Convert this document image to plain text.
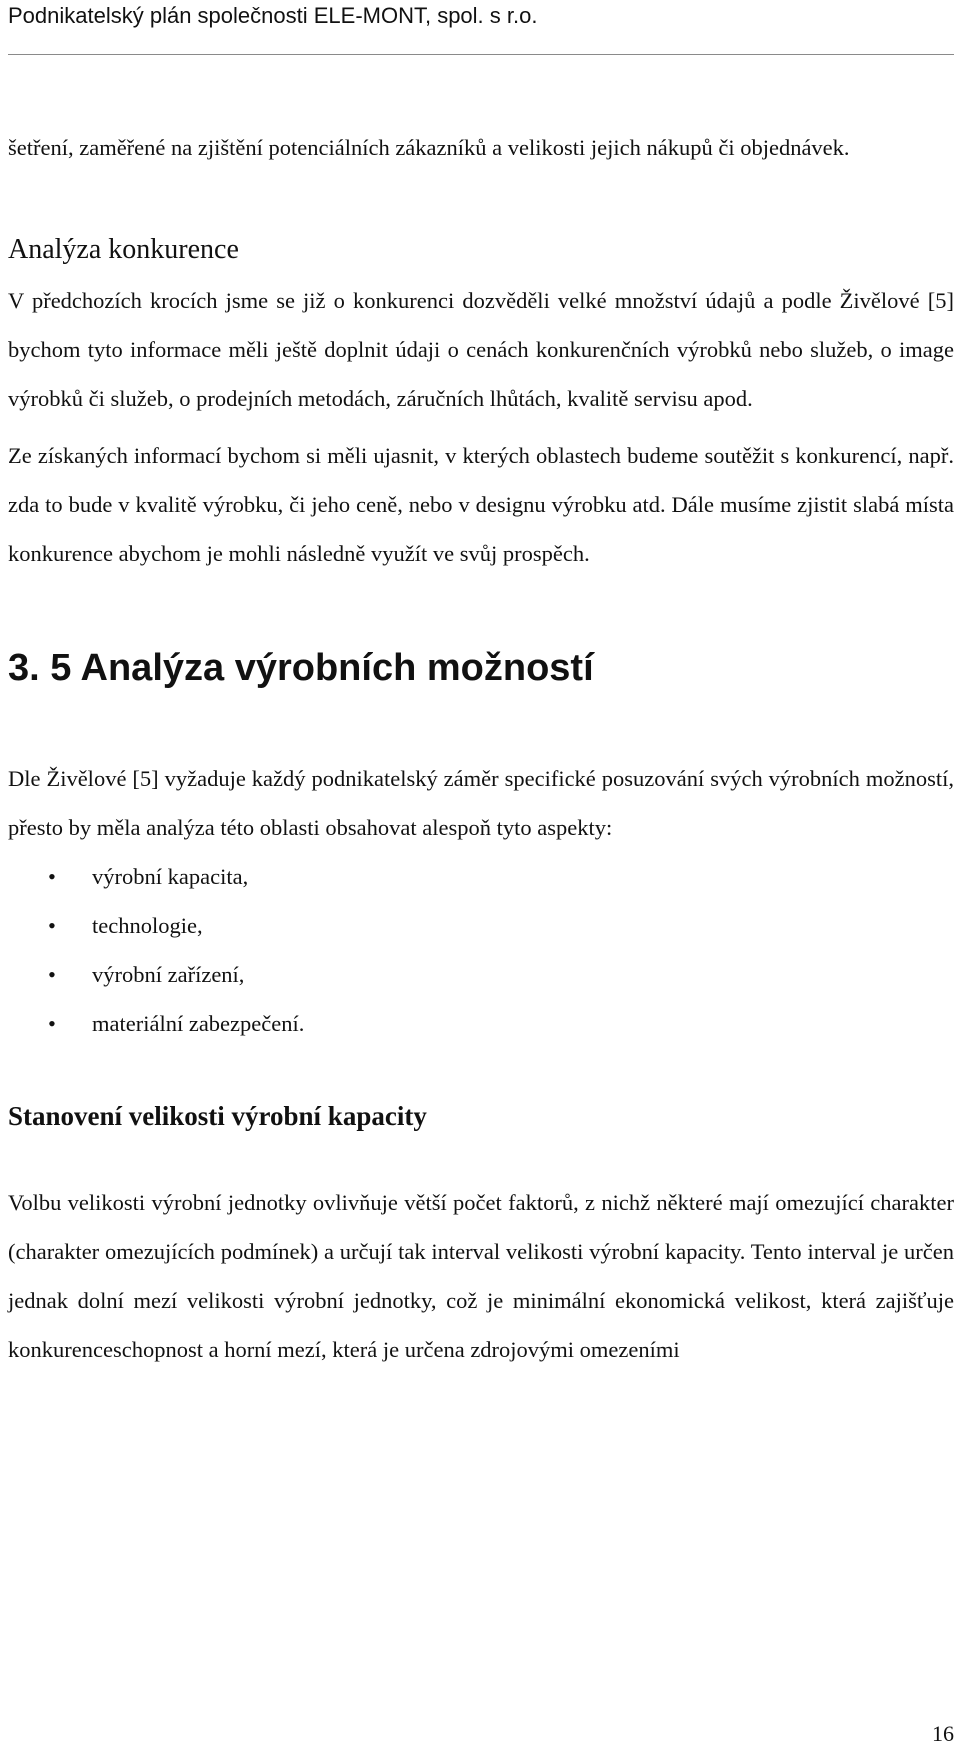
Podnikatelský plán společnosti ELE-MONT, spol. s r.o.

šetření, zaměřené na zjištění potenciálních zákazníků a velikosti jejich nákupů či objednávek.

Analýza konkurence

V předchozích krocích jsme se již o konkurenci dozvěděli velké množství údajů a podle Živělové [5] bychom tyto informace měli ještě doplnit údaji o cenách konkurenčních výrobků nebo služeb, o image výrobků či služeb, o prodejních metodách, záručních lhůtách, kvalitě servisu apod.

Ze získaných informací bychom si měli ujasnit, v kterých oblastech budeme soutěžit s konkurencí, např. zda to bude v kvalitě výrobku, či jeho ceně, nebo v designu výrobku atd. Dále musíme zjistit slabá místa konkurence abychom je mohli následně využít ve svůj prospěch.

3. 5 Analýza výrobních možností

Dle Živělové [5] vyžaduje každý podnikatelský záměr specifické posuzování svých výrobních možností, přesto by měla analýza této oblasti obsahovat alespoň tyto aspekty:

• výrobní kapacita,
• technologie,
• výrobní zařízení,
• materiální zabezpečení.
Stanovení velikosti výrobní kapacity

Volbu velikosti výrobní jednotky ovlivňuje větší počet faktorů, z nichž některé mají omezující charakter (charakter omezujících podmínek) a určují tak interval velikosti výrobní kapacity. Tento interval je určen jednak dolní mezí velikosti výrobní jednotky, což je minimální ekonomická velikost, která zajišťuje konkurenceschopnost a horní mezí, která je určena zdrojovými omezeními

16
